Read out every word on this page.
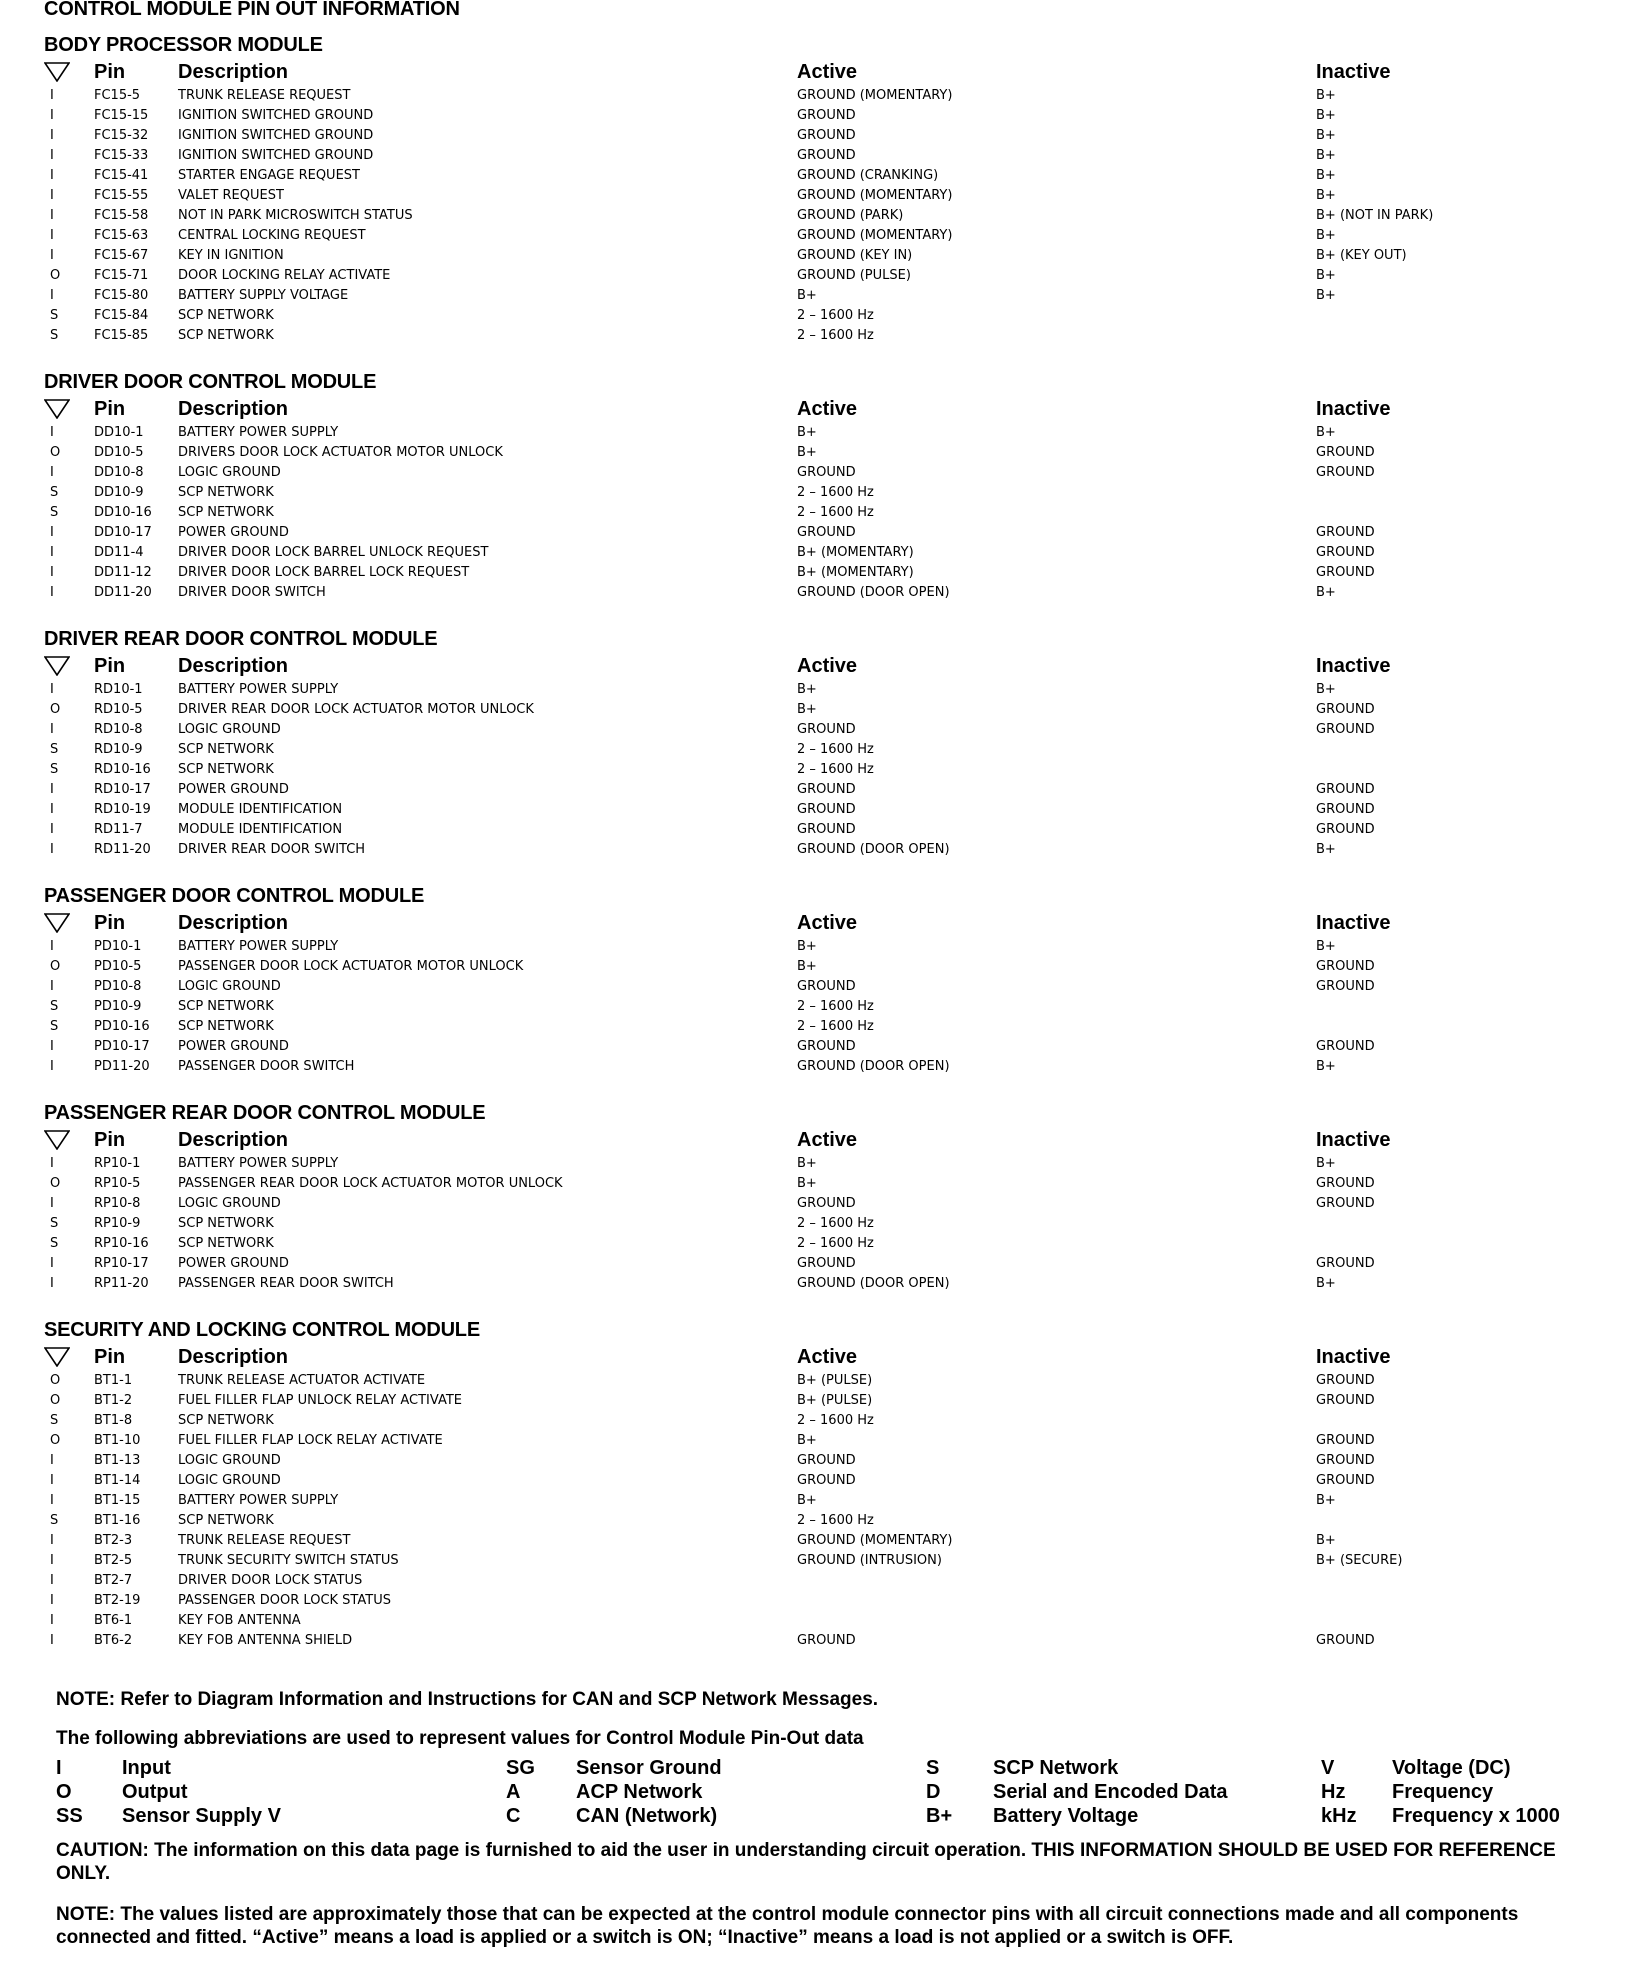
CONTROL MODULE PIN OUT INFORMATION
BODY PROCESSOR MODULE
Pin	Description	Active	Inactive
I	FC15-5	TRUNK RELEASE REQUEST	GROUND (MOMENTARY)	B+
I	FC15-15 IGNITION SWITCHED GROUND	GROUND	B+
I	FC15-32 IGNITION SWITCHED GROUND	GROUND	B+
I	FC15-33 IGNITION SWITCHED GROUND	GROUND	B+
I	FC15-41 STARTER ENGAGE REQUEST	GROUND (CRANKING)	B+
I	FC15-55 VALET REQUEST	GROUND (MOMENTARY)	B+
I	FC15-58 NOT IN PARK MICROSWITCH STATUS	GROUND (PARK)	B+ (NOT IN PARK)
I	FC15-63 CENTRAL LOCKING REQUEST	GROUND (MOMENTARY)	B+
I	FC15-67 KEY IN IGNITION	GROUND (KEY IN)	B+ (KEY OUT)
O	FC15-71 DOOR LOCKING RELAY ACTIVATE	GROUND (PULSE)	B+
I	FC15-80 BATTERY SUPPLY VOLTAGE	B+	B+
S	FC15-84 SCP NETWORK	2 – 1600 Hz
S	FC15-85 SCP NETWORK	2 – 1600 Hz
DRIVER DOOR CONTROL MODULE
Pin	Description	Active	Inactive
I	DD10-1	BATTERY POWER SUPPLY	B+	B+
O	DD10-5	DRIVERS DOOR LOCK ACTUATOR MOTOR UNLOCK	B+	GROUND
I	DD10-8	LOGIC GROUND	GROUND	GROUND
S	DD10-9	SCP NETWORK	2 – 1600 Hz
S	DD10-16 SCP NETWORK	2 – 1600 Hz
I	DD10-17 POWER GROUND	GROUND	GROUND
I	DD11-4	DRIVER DOOR LOCK BARREL UNLOCK REQUEST	B+ (MOMENTARY)	GROUND
I	DD11-12 DRIVER DOOR LOCK BARREL LOCK REQUEST	B+ (MOMENTARY)	GROUND
I	DD11-20 DRIVER DOOR SWITCH	GROUND (DOOR OPEN)	B+
DRIVER REAR DOOR CONTROL MODULE
Pin	Description	Active	Inactive
I	RD10-1	BATTERY POWER SUPPLY	B+	B+
O	RD10-5	DRIVER REAR DOOR LOCK ACTUATOR MOTOR UNLOCK	B+	GROUND
I	RD10-8	LOGIC GROUND	GROUND	GROUND
S	RD10-9	SCP NETWORK	2 – 1600 Hz
S	RD10-16 SCP NETWORK	2 – 1600 Hz
I	RD10-17 POWER GROUND	GROUND	GROUND
I	RD10-19 MODULE IDENTIFICATION	GROUND	GROUND
I	RD11-7	MODULE IDENTIFICATION	GROUND	GROUND
I	RD11-20 DRIVER REAR DOOR SWITCH	GROUND (DOOR OPEN)	B+
PASSENGER DOOR CONTROL MODULE
Pin	Description	Active	Inactive
I	PD10-1	BATTERY POWER SUPPLY	B+	B+
O	PD10-5	PASSENGER DOOR LOCK ACTUATOR MOTOR UNLOCK	B+	GROUND
I	PD10-8	LOGIC GROUND	GROUND	GROUND
S	PD10-9	SCP NETWORK	2 – 1600 Hz
S	PD10-16 SCP NETWORK	2 – 1600 Hz
I	PD10-17 POWER GROUND	GROUND	GROUND
I	PD11-20 PASSENGER DOOR SWITCH	GROUND (DOOR OPEN)	B+
PASSENGER REAR DOOR CONTROL MODULE
Pin	Description	Active	Inactive
I	RP10-1	BATTERY POWER SUPPLY	B+	B+
O	RP10-5	PASSENGER REAR DOOR LOCK ACTUATOR MOTOR UNLOCK	B+	GROUND
I	RP10-8	LOGIC GROUND	GROUND	GROUND
S	RP10-9	SCP NETWORK	2 – 1600 Hz
S	RP10-16 SCP NETWORK	2 – 1600 Hz
I	RP10-17 POWER GROUND	GROUND	GROUND
I	RP11-20 PASSENGER REAR DOOR SWITCH	GROUND (DOOR OPEN)	B+
SECURITY AND LOCKING CONTROL MODULE
Pin	Description	Active	Inactive
O	BT1-1	TRUNK RELEASE ACTUATOR ACTIVATE	B+ (PULSE)	GROUND
O	BT1-2	FUEL FILLER FLAP UNLOCK RELAY ACTIVATE	B+ (PULSE)	GROUND
S	BT1-8	SCP NETWORK	2 – 1600 Hz
O	BT1-10	FUEL FILLER FLAP LOCK RELAY ACTIVATE	B+	GROUND
I	BT1-13	LOGIC GROUND	GROUND	GROUND
I	BT1-14	LOGIC GROUND	GROUND	GROUND
I	BT1-15	BATTERY POWER SUPPLY	B+	B+
S	BT1-16	SCP NETWORK	2 – 1600 Hz
I	BT2-3	TRUNK RELEASE REQUEST	GROUND (MOMENTARY)	B+
I	BT2-5	TRUNK SECURITY SWITCH STATUS	GROUND (INTRUSION)	B+ (SECURE)
I	BT2-7	DRIVER DOOR LOCK STATUS
I	BT2-19	PASSENGER DOOR LOCK STATUS
I	BT6-1	KEY FOB ANTENNA
I	BT6-2	KEY FOB ANTENNA SHIELD	GROUND	GROUND
NOTE: Refer to Diagram Information and Instructions for CAN and SCP Network Messages.
The following abbreviations are used to represent values for Control Module Pin-Out data
I	Input	SG Sensor Ground	S	SCP Network	V	Voltage (DC)
O	Output	A	ACP Network	D	Serial and Encoded Data	Hz Frequency
SS Sensor Supply V	C	CAN (Network)	B+ Battery Voltage	kHz Frequency x 1000
CAUTION: The information on this data page is furnished to aid the user in understanding circuit operation. THIS INFORMATION SHOULD BE USED FOR REFERENCE ONLY.
NOTE: The values listed are approximately those that can be expected at the control module connector pins with all circuit connections made and all components connected and fitted. “Active” means a load is applied or a switch is ON; “Inactive” means a load is not applied or a switch is OFF.
